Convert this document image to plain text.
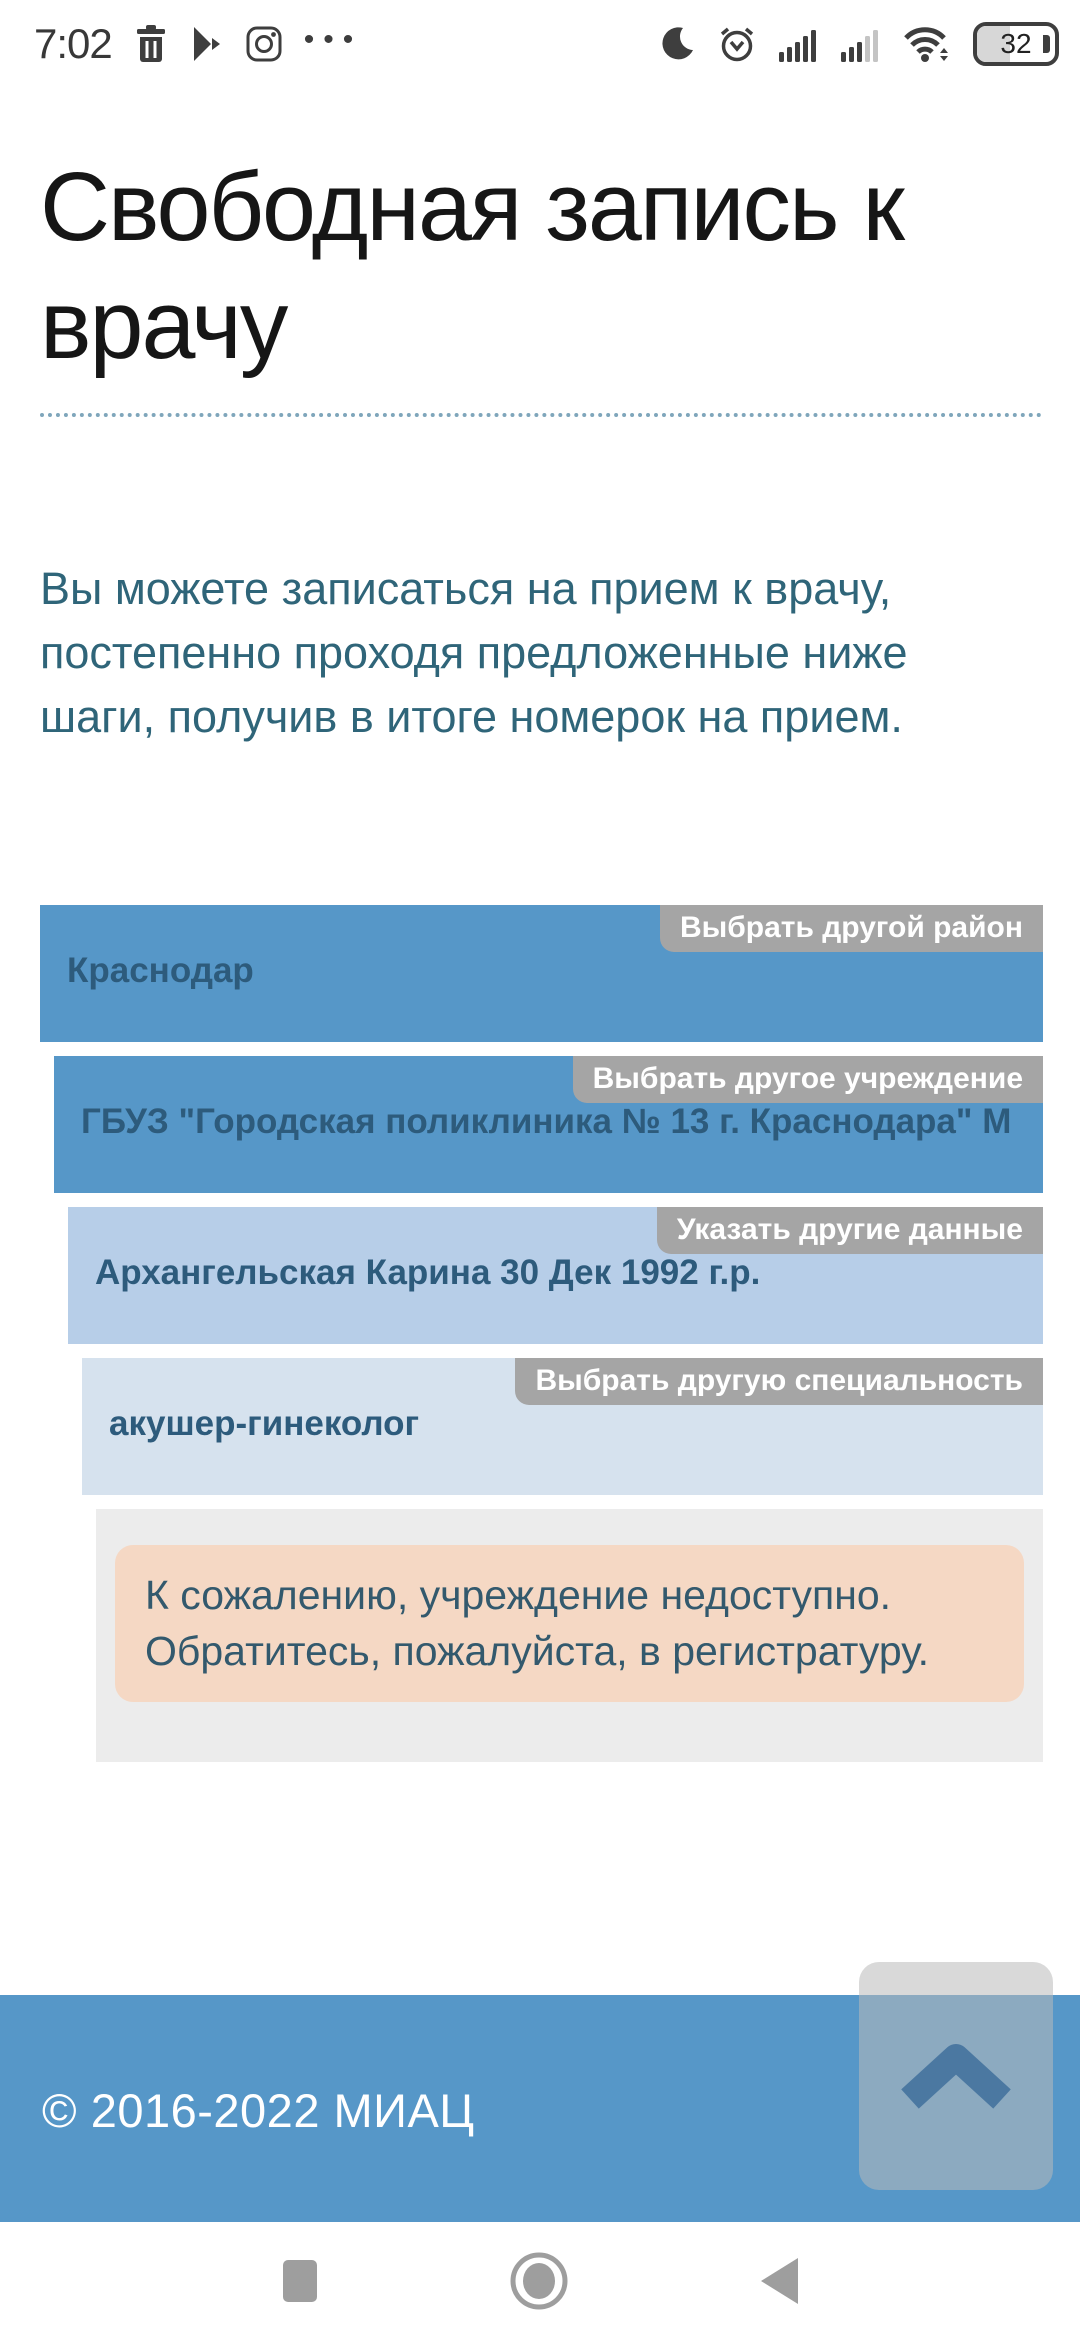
7:02	•••	32
Свободная запись к врачу

Вы можете записаться на прием к врачу, постепенно проходя предложенные ниже шаги, получив в итоге номерок на прием.

Выбрать другой район
Краснодар
Выбрать другое учреждение
ГБУЗ "Городская поликлиника № 13 г. Краснодара" М
Указать другие данные
Архангельская Карина 30 Дек 1992 г.р.
Выбрать другую специальность
акушер-гинеколог
К сожалению, учреждение недоступно. Обратитесь, пожалуйста, в регистратуру.
© 2016-2022 МИАЦ
